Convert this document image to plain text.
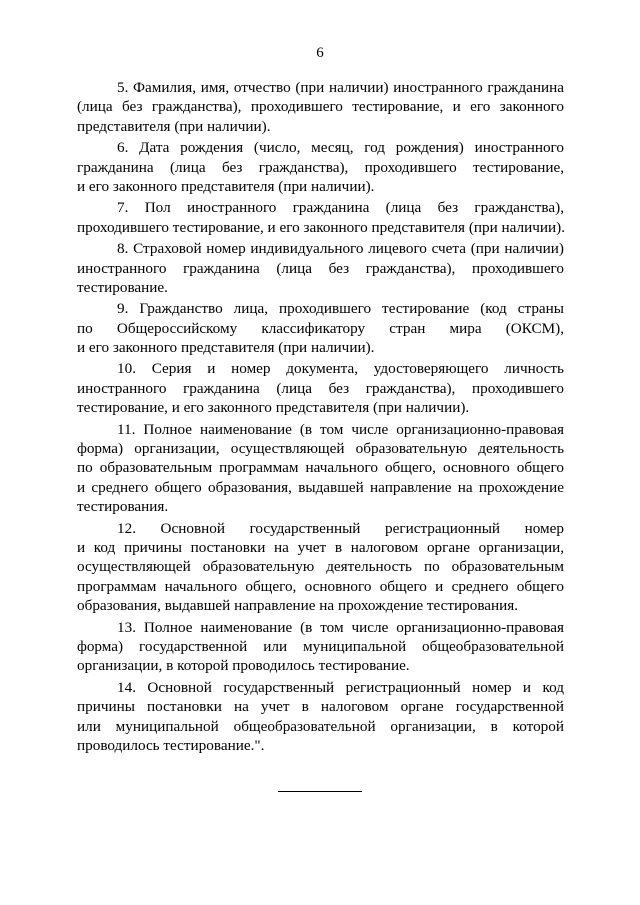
6
5. Фамилия, имя, отчество (при наличии) иностранного гражданина
(лица без гражданства), проходившего тестирование, и его законного
представителя (при наличии).
6. Дата рождения (число, месяц, год рождения) иностранного
гражданина (лица без гражданства), проходившего тестирование,
и его законного представителя (при наличии).
7. Пол иностранного гражданина (лица без гражданства),
проходившего тестирование, и его законного представителя (при наличии).
8. Страховой номер индивидуального лицевого счета (при наличии)
иностранного гражданина (лица без гражданства), проходившего
тестирование.
9. Гражданство лица, проходившего тестирование (код страны
по Общероссийскому классификатору стран мира (ОКСМ),
и его законного представителя (при наличии).
10. Серия и номер документа, удостоверяющего личность
иностранного гражданина (лица без гражданства), проходившего
тестирование, и его законного представителя (при наличии).
11. Полное наименование (в том числе организационно-правовая
форма) организации, осуществляющей образовательную деятельность
по образовательным программам начального общего, основного общего
и среднего общего образования, выдавшей направление на прохождение
тестирования.
12. Основной государственный регистрационный номер
и код причины постановки на учет в налоговом органе организации,
осуществляющей образовательную деятельность по образовательным
программам начального общего, основного общего и среднего общего
образования, выдавшей направление на прохождение тестирования.
13. Полное наименование (в том числе организационно-правовая
форма) государственной или муниципальной общеобразовательной
организации, в которой проводилось тестирование.
14. Основной государственный регистрационный номер и код
причины постановки на учет в налоговом органе государственной
или муниципальной общеобразовательной организации, в которой
проводилось тестирование.".
